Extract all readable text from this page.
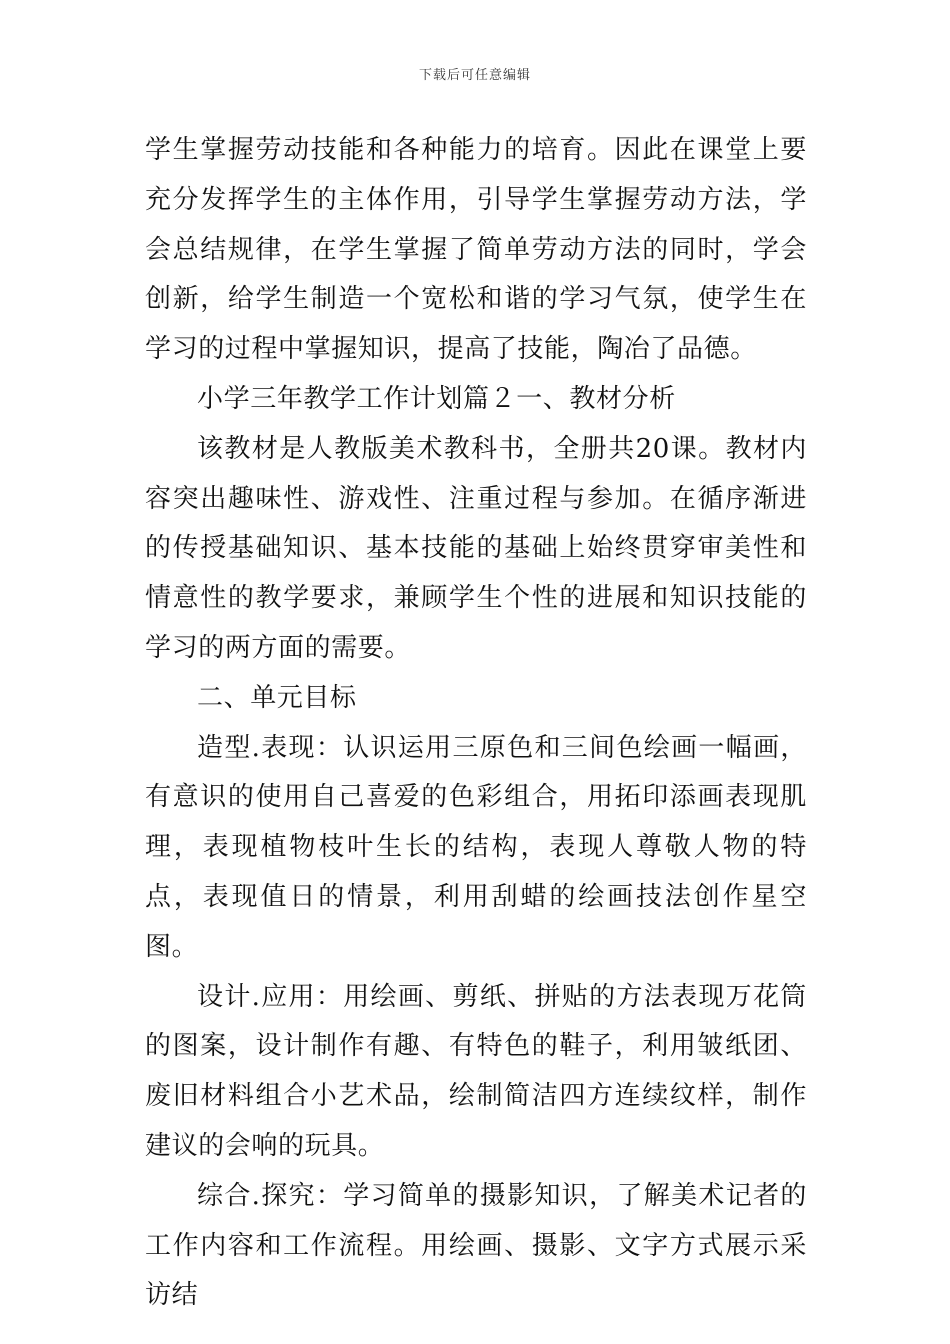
下载后可任意编辑

学生掌握劳动技能和各种能力的培育。因此在课堂上要充分发挥学生的主体作用，引导学生掌握劳动方法，学会总结规律，在学生掌握了简单劳动方法的同时，学会创新，给学生制造一个宽松和谐的学习气氛，使学生在学习的过程中掌握知识，提高了技能，陶冶了品德。

小学三年教学工作计划篇２一、教材分析

该教材是人教版美术教科书，全册共20课。教材内容突出趣味性、游戏性、注重过程与参加。在循序渐进的传授基础知识、基本技能的基础上始终贯穿审美性和情意性的教学要求，兼顾学生个性的进展和知识技能的学习的两方面的需要。

二、单元目标

造型.表现：认识运用三原色和三间色绘画一幅画，有意识的使用自己喜爱的色彩组合，用拓印添画表现肌理，表现植物枝叶生长的结构，表现人尊敬人物的特点，表现值日的情景，利用刮蜡的绘画技法创作星空图。

设计.应用：用绘画、剪纸、拼贴的方法表现万花筒的图案，设计制作有趣、有特色的鞋子，利用皱纸团、废旧材料组合小艺术品，绘制简洁四方连续纹样，制作建议的会响的玩具。

综合.探究：学习简单的摄影知识，了解美术记者的工作内容和工作流程。用绘画、摄影、文字方式展示采访结
